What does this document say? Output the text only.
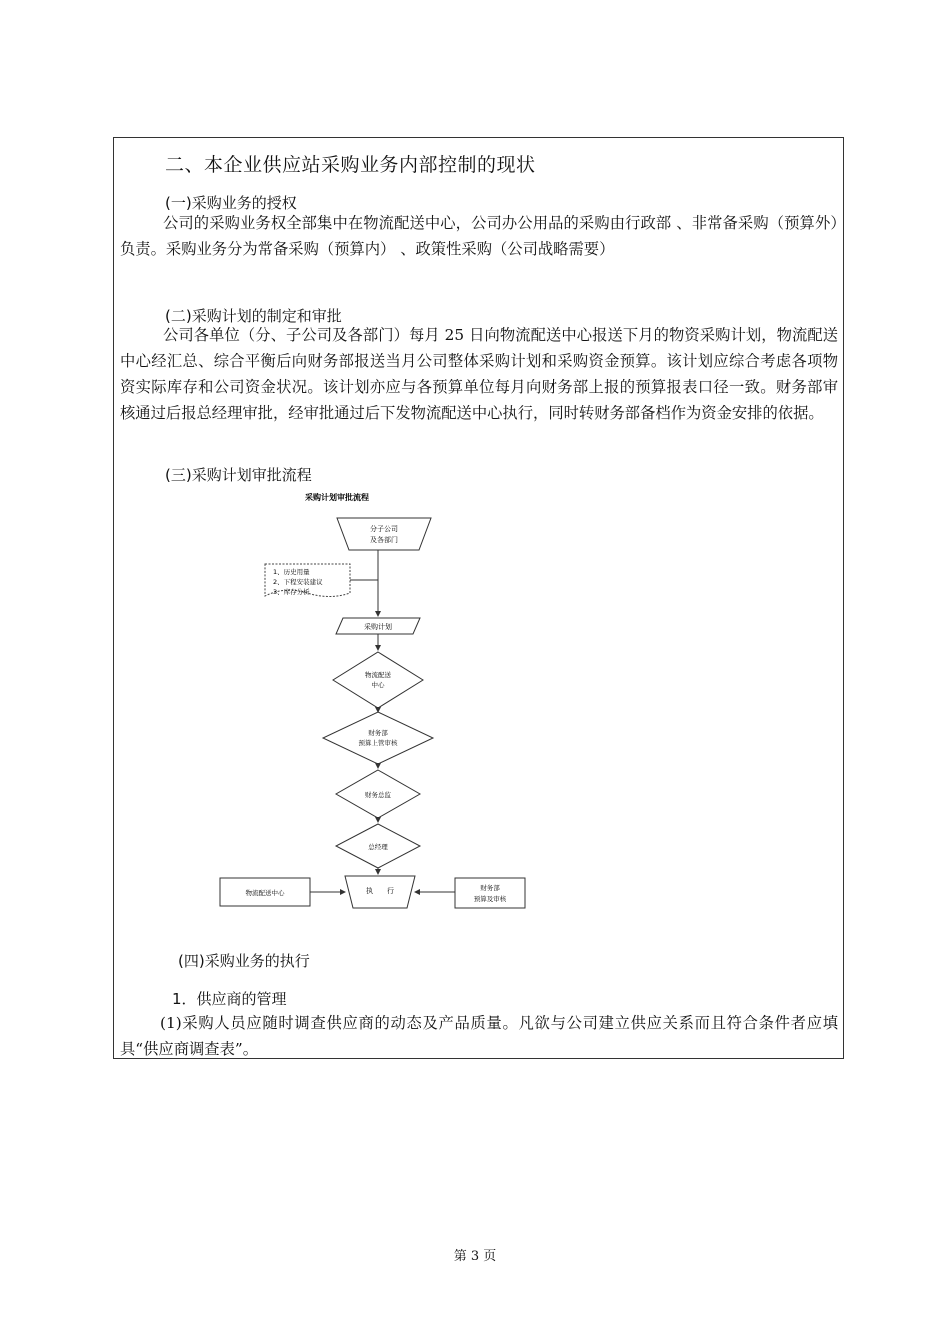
二、本企业供应站采购业务内部控制的现状
(一)采购业务的授权
公司的采购业务权全部集中在物流配送中心，公司办公用品的采购由行政部 、非常备采购（预算外）负责。采购业务分为常备采购（预算内） 、政策性采购（公司战略需要）
(二)采购计划的制定和审批
公司各单位（分、子公司及各部门）每月 25 日向物流配送中心报送下月的物资采购计划，物流配送中心经汇总、综合平衡后向财务部报送当月公司整体采购计划和采购资金预算。该计划应综合考虑各项物资实际库存和公司资金状况。该计划亦应与各预算单位每月向财务部上报的预算报表口径一致。财务部审核通过后报总经理审批，经审批通过后下发物流配送中心执行，同时转财务部备档作为资金安排的依据。
(三)采购计划审批流程
采购计划审批流程
分子公司
及各部门
1、历史用量
2、下程安装建议
3、库存分析
采购计划
物流配送
中心
财务部
预算上管审核
财务总监
总经理
执　　行
物流配送中心
财务部
预算及审核
(四)采购业务的执行
1．供应商的管理
(1)采购人员应随时调查供应商的动态及产品质量。凡欲与公司建立供应关系而且符合条件者应填具“供应商调查表”。
第 3 页
